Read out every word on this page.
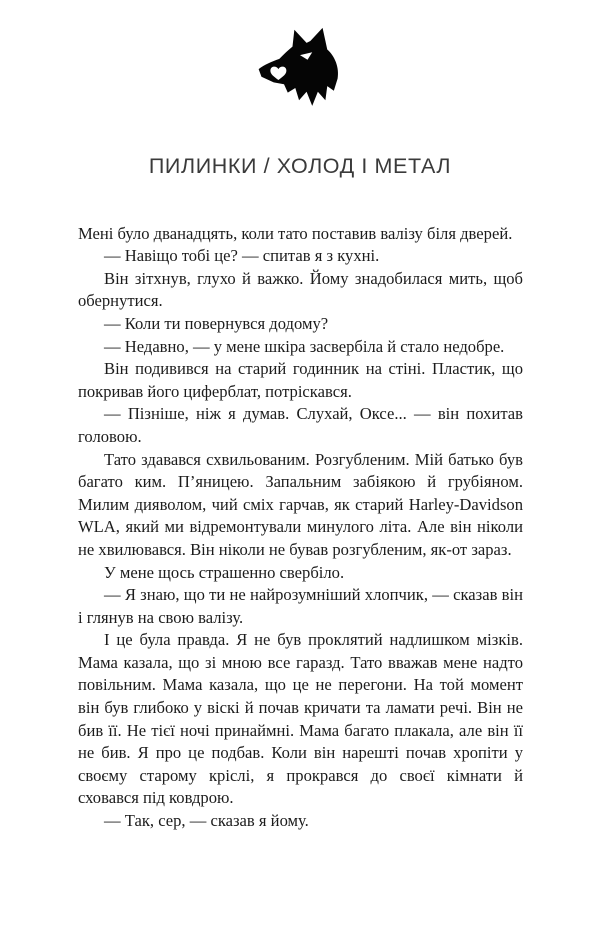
ПИЛИНКИ / ХОЛОД І МЕТАЛ

Мені було дванадцять, коли тато поставив валізу біля дверей.

— Навіщо тобі це? — спитав я з кухні.

Він зітхнув, глухо й важко. Йому знадобилася мить, щоб обернутися.

— Коли ти повернувся додому?

— Недавно, — у мене шкіра засвербіла й стало недобре.

Він подивився на старий годинник на стіні. Пластик, що покривав його циферблат, потріскався.

— Пізніше, ніж я думав. Слухай, Оксе... — він похитав головою.

Тато здавався схвильованим. Розгубленим. Мій батько був багато ким. П’яницею. Запальним забіякою й грубіяном. Милим дияволом, чий сміх гарчав, як старий Harley-Davidson WLA, який ми відремонтували минулого літа. Але він ніколи не хвилювався. Він ніколи не бував розгубленим, як-от зараз.

У мене щось страшенно свербіло.

— Я знаю, що ти не найрозумніший хлопчик, — сказав він і глянув на свою валізу.

І це була правда. Я не був проклятий надлишком мізків. Мама казала, що зі мною все гаразд. Тато вважав мене надто повільним. Мама казала, що це не перегони. На той момент він був глибоко у віскі й почав кричати та ламати речі. Він не бив її. Не тієї ночі принаймні. Мама багато плакала, але він її не бив. Я про це подбав. Коли він нарешті почав хропіти у своєму старому кріслі, я прокрався до своєї кімнати й сховався під ковдрою.

— Так, сер, — сказав я йому.
